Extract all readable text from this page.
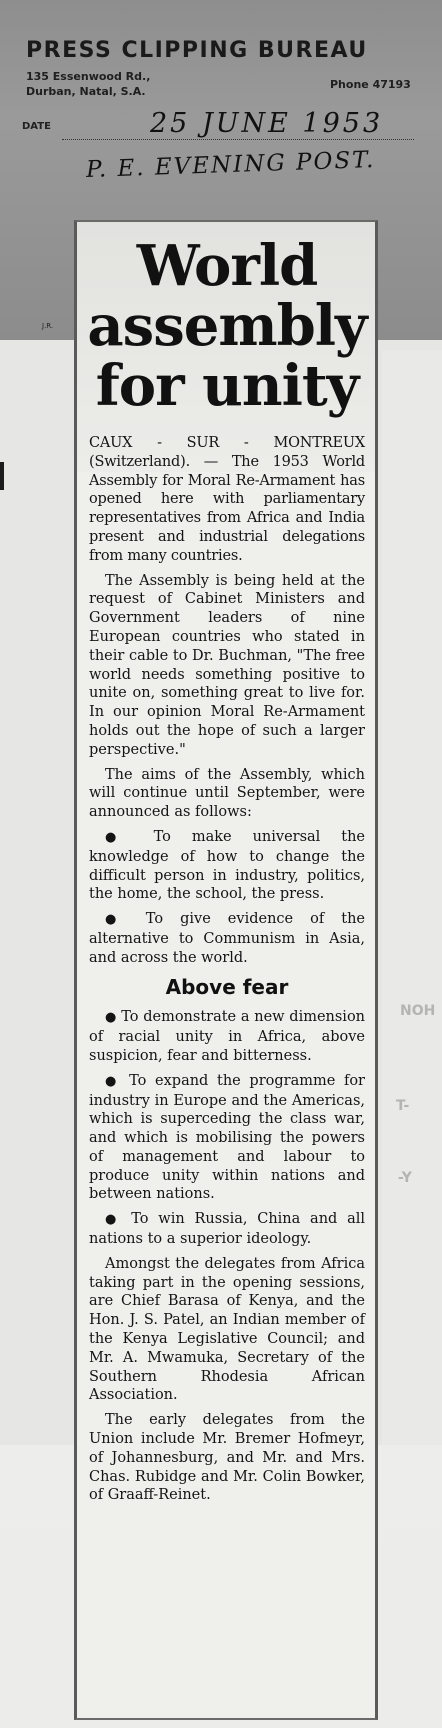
PRESS CLIPPING BUREAU
135 Essenwood Rd.,
Durban, Natal, S.A.
Phone 47193
DATE	25 JUNE 1953
P. E. EVENING POST.
J.R.
NOH
T-
-Y
World
assembly
for unity

CAUX - SUR - MONTREUX (Switzerland). — The 1953 World Assembly for Moral Re-Armament has opened here with parliamentary representatives from Africa and India present and industrial delegations from many countries.

The Assembly is being held at the request of Cabinet Ministers and Government leaders of nine European countries who stated in their cable to Dr. Buchman, "The free world needs something positive to unite on, something great to live for. In our opinion Moral Re-Armament holds out the hope of such a larger perspective."

The aims of the Assembly, which will continue until September, were announced as follows:

● To make universal the knowledge of how to change the difficult person in industry, politics, the home, the school, the press.

● To give evidence of the alternative to Communism in Asia, and across the world.

Above fear

● To demonstrate a new dimension of racial unity in Africa, above suspicion, fear and bitterness.

● To expand the programme for industry in Europe and the Americas, which is superceding the class war, and which is mobilising the powers of management and labour to produce unity within nations and between nations.

● To win Russia, China and all nations to a superior ideology.

Amongst the delegates from Africa taking part in the opening sessions, are Chief Barasa of Kenya, and the Hon. J. S. Patel, an Indian member of the Kenya Legislative Council; and Mr. A. Mwamuka, Secretary of the Southern Rhodesia African Association.

The early delegates from the Union include Mr. Bremer Hofmeyr, of Johannesburg, and Mr. and Mrs. Chas. Rubidge and Mr. Colin Bowker, of Graaff-Reinet.
